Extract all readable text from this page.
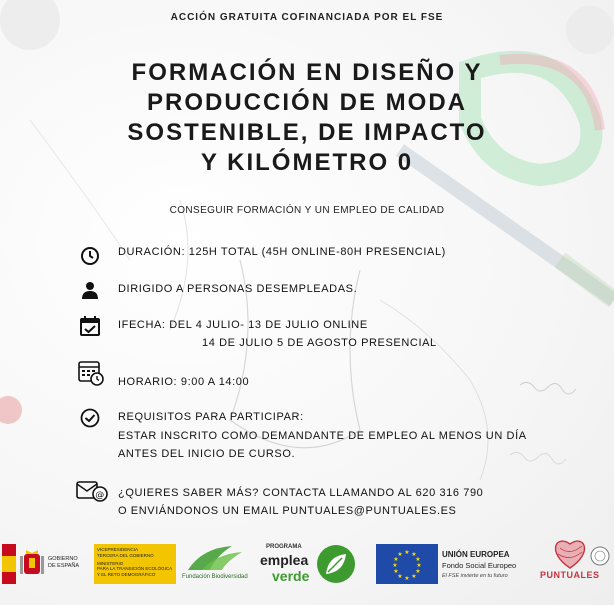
ACCIÓN GRATUITA COFINANCIADA POR EL FSE
FORMACIÓN EN DISEÑO Y
PRODUCCIÓN DE MODA
SOSTENIBLE, DE IMPACTO
Y KILÓMETRO 0
CONSEGUIR FORMACIÓN Y UN EMPLEO DE CALIDAD
DURACIÓN: 125H TOTAL (45H ONLINE-80H PRESENCIAL)
DIRIGIDO A PERSONAS DESEMPLEADAS.
IFECHA: DEL 4 JULIO- 13 DE JULIO ONLINE
14 DE JULIO 5 DE AGOSTO PRESENCIAL
HORARIO: 9:00 A 14:00
REQUISITOS PARA PARTICIPAR:
ESTAR INSCRITO COMO DEMANDANTE DE EMPLEO AL MENOS UN DÍA
ANTES DEL INICIO DE CURSO.
@ ¿QUIERES SABER MÁS? CONTACTA LLAMANDO AL 620 316 790
O ENVIÁNDONOS UN EMAIL PUNTUALES@PUNTUALES.ES
GOBIERNO
DE ESPAÑA
VICEPRESIDENCIA
TERCERA DEL GOBIERNO
MINISTERIO
PARA LA TRANSICIÓN ECOLÓGICA
Y EL RETO DEMOGRÁFICO	Fundación Biodiversidad
PROGRAMA
emplea
verde
★ ★
★
★
★
★
★
★
★
★
★
★	UNIÓN EUROPEA
Fondo Social Europeo
El FSE invierte en tu futuro	PUNTUALES
